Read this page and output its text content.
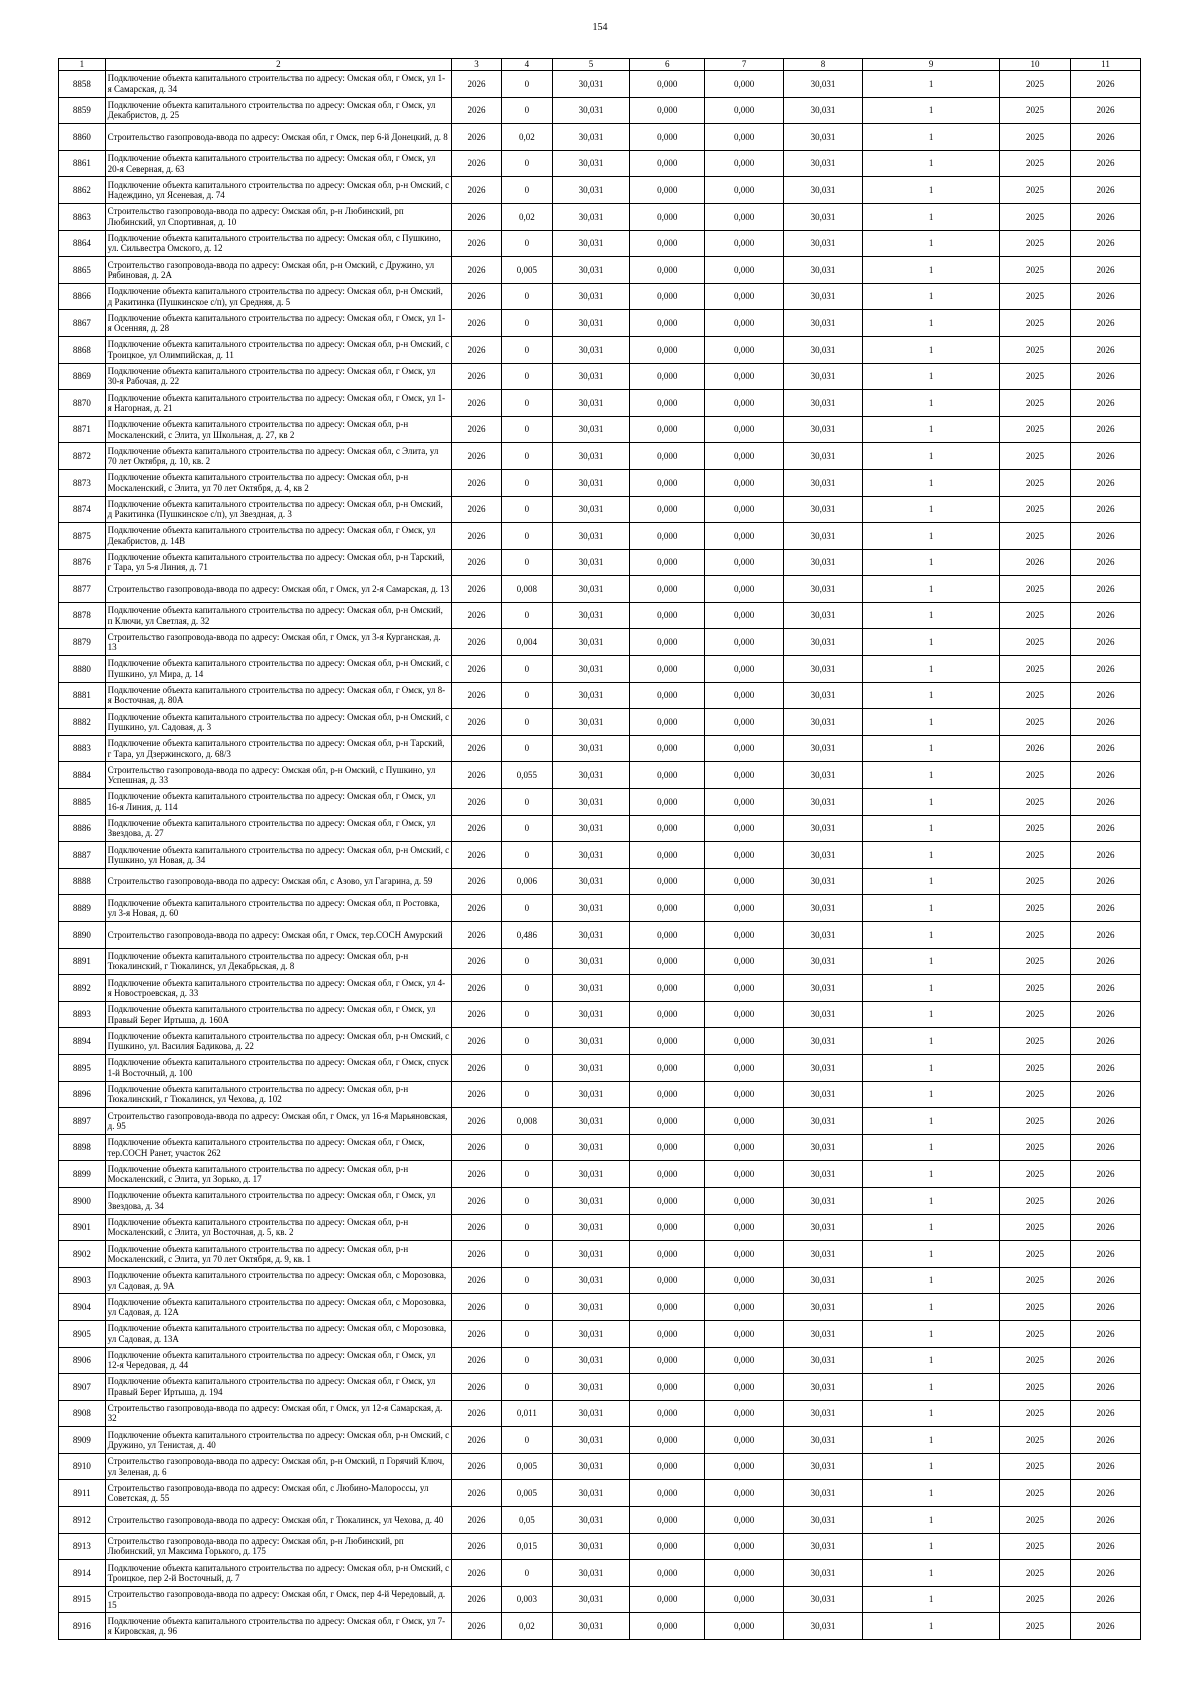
154
1	2	3	4	5	6	7	8	9	10	11
8858	Подключение объекта капитального строительства по адресу: Омская обл, г Омск, ул 1-я Самарская, д. 34	2026	0	30,031	0,000	0,000	30,031	1	2025	2026
8859	Подключение объекта капитального строительства по адресу: Омская обл, г Омск, ул Декабристов, д. 25	2026	0	30,031	0,000	0,000	30,031	1	2025	2026
8860	Строительство газопровода-ввода по адресу: Омская обл, г Омск, пер 6-й Донецкий, д. 8	2026	0,02	30,031	0,000	0,000	30,031	1	2025	2026
8861	Подключение объекта капитального строительства по адресу: Омская обл, г Омск, ул 20-я Северная, д. 63	2026	0	30,031	0,000	0,000	30,031	1	2025	2026
8862	Подключение объекта капитального строительства по адресу: Омская обл, р-н Омский, с Надеждино, ул Ясеневая, д. 74	2026	0	30,031	0,000	0,000	30,031	1	2025	2026
8863	Строительство газопровода-ввода по адресу: Омская обл, р-н Любинский, рп Любинский, ул Спортивная, д. 10	2026	0,02	30,031	0,000	0,000	30,031	1	2025	2026
8864	Подключение объекта капитального строительства по адресу: Омская обл, с Пушкино, ул. Сильвестра Омского, д. 12	2026	0	30,031	0,000	0,000	30,031	1	2025	2026
8865	Строительство газопровода-ввода по адресу: Омская обл, р-н Омский, с Дружино, ул Рябиновая, д. 2А	2026	0,005	30,031	0,000	0,000	30,031	1	2025	2026
8866	Подключение объекта капитального строительства по адресу: Омская обл, р-н Омский, д Ракитинка (Пушкинское с/п), ул Средняя, д. 5	2026	0	30,031	0,000	0,000	30,031	1	2025	2026
8867	Подключение объекта капитального строительства по адресу: Омская обл, г Омск, ул 1-я Осенняя, д. 28	2026	0	30,031	0,000	0,000	30,031	1	2025	2026
8868	Подключение объекта капитального строительства по адресу: Омская обл, р-н Омский, с Троицкое, ул Олимпийская, д. 11	2026	0	30,031	0,000	0,000	30,031	1	2025	2026
8869	Подключение объекта капитального строительства по адресу: Омская обл, г Омск, ул 30-я Рабочая, д. 22	2026	0	30,031	0,000	0,000	30,031	1	2025	2026
8870	Подключение объекта капитального строительства по адресу: Омская обл, г Омск, ул 1-я Нагорная, д. 21	2026	0	30,031	0,000	0,000	30,031	1	2025	2026
8871	Подключение объекта капитального строительства по адресу: Омская обл, р-н Москаленский, с Элита, ул Школьная, д. 27, кв 2	2026	0	30,031	0,000	0,000	30,031	1	2025	2026
8872	Подключение объекта капитального строительства по адресу: Омская обл, с Элита, ул 70 лет Октября, д. 10, кв. 2	2026	0	30,031	0,000	0,000	30,031	1	2025	2026
8873	Подключение объекта капитального строительства по адресу: Омская обл, р-н Москаленский, с Элита, ул 70 лет Октября, д. 4, кв 2	2026	0	30,031	0,000	0,000	30,031	1	2025	2026
8874	Подключение объекта капитального строительства по адресу: Омская обл, р-н Омский, д Ракитинка (Пушкинское с/п), ул Звездная, д. 3	2026	0	30,031	0,000	0,000	30,031	1	2025	2026
8875	Подключение объекта капитального строительства по адресу: Омская обл, г Омск, ул Декабристов, д. 14В	2026	0	30,031	0,000	0,000	30,031	1	2025	2026
8876	Подключение объекта капитального строительства по адресу: Омская обл, р-н Тарский, г Тара, ул 5-я Линия, д. 71	2026	0	30,031	0,000	0,000	30,031	1	2026	2026
8877	Строительство газопровода-ввода по адресу: Омская обл, г Омск, ул 2-я Самарская, д. 13	2026	0,008	30,031	0,000	0,000	30,031	1	2025	2026
8878	Подключение объекта капитального строительства по адресу: Омская обл, р-н Омский, п Ключи, ул Светлая, д. 32	2026	0	30,031	0,000	0,000	30,031	1	2025	2026
8879	Строительство газопровода-ввода по адресу: Омская обл, г Омск, ул 3-я Курганская, д. 13	2026	0,004	30,031	0,000	0,000	30,031	1	2025	2026
8880	Подключение объекта капитального строительства по адресу: Омская обл, р-н Омский, с Пушкино, ул Мира, д. 14	2026	0	30,031	0,000	0,000	30,031	1	2025	2026
8881	Подключение объекта капитального строительства по адресу: Омская обл, г Омск, ул 8-я Восточная, д. 80А	2026	0	30,031	0,000	0,000	30,031	1	2025	2026
8882	Подключение объекта капитального строительства по адресу: Омская обл, р-н Омский, с Пушкино, ул. Садовая, д. 3	2026	0	30,031	0,000	0,000	30,031	1	2025	2026
8883	Подключение объекта капитального строительства по адресу: Омская обл, р-н Тарский, г Тара, ул Дзержинского, д. 68/3	2026	0	30,031	0,000	0,000	30,031	1	2026	2026
8884	Строительство газопровода-ввода по адресу: Омская обл, р-н Омский, с Пушкино, ул Успешная, д. 33	2026	0,055	30,031	0,000	0,000	30,031	1	2025	2026
8885	Подключение объекта капитального строительства по адресу: Омская обл, г Омск, ул 16-я Линия, д. 114	2026	0	30,031	0,000	0,000	30,031	1	2025	2026
8886	Подключение объекта капитального строительства по адресу: Омская обл, г Омск, ул Звездова, д. 27	2026	0	30,031	0,000	0,000	30,031	1	2025	2026
8887	Подключение объекта капитального строительства по адресу: Омская обл, р-н Омский, с Пушкино, ул Новая, д. 34	2026	0	30,031	0,000	0,000	30,031	1	2025	2026
8888	Строительство газопровода-ввода по адресу: Омская обл, с Азово, ул Гагарина, д. 59	2026	0,006	30,031	0,000	0,000	30,031	1	2025	2026
8889	Подключение объекта капитального строительства по адресу: Омская обл, п Ростовка, ул 3-я Новая, д. 60	2026	0	30,031	0,000	0,000	30,031	1	2025	2026
8890	Строительство газопровода-ввода по адресу: Омская обл, г Омск, тер.СОСН Амурский	2026	0,486	30,031	0,000	0,000	30,031	1	2025	2026
8891	Подключение объекта капитального строительства по адресу: Омская обл, р-н Тюкалинский, г Тюкалинск, ул Декабрьская, д. 8	2026	0	30,031	0,000	0,000	30,031	1	2025	2026
8892	Подключение объекта капитального строительства по адресу: Омская обл, г Омск, ул 4-я Новостроевская, д. 33	2026	0	30,031	0,000	0,000	30,031	1	2025	2026
8893	Подключение объекта капитального строительства по адресу: Омская обл, г Омск, ул Правый Берег Иртыша, д. 160А	2026	0	30,031	0,000	0,000	30,031	1	2025	2026
8894	Подключение объекта капитального строительства по адресу: Омская обл, р-н Омский, с Пушкино, ул. Василия Бадикова, д. 22	2026	0	30,031	0,000	0,000	30,031	1	2025	2026
8895	Подключение объекта капитального строительства по адресу: Омская обл, г Омск, спуск 1-й Восточный, д. 100	2026	0	30,031	0,000	0,000	30,031	1	2025	2026
8896	Подключение объекта капитального строительства по адресу: Омская обл, р-н Тюкалинский, г Тюкалинск, ул Чехова, д. 102	2026	0	30,031	0,000	0,000	30,031	1	2025	2026
8897	Строительство газопровода-ввода по адресу: Омская обл, г Омск, ул 16-я Марьяновская, д. 95	2026	0,008	30,031	0,000	0,000	30,031	1	2025	2026
8898	Подключение объекта капитального строительства по адресу: Омская обл, г Омск, тер.СОСН Ранет, участок 262	2026	0	30,031	0,000	0,000	30,031	1	2025	2026
8899	Подключение объекта капитального строительства по адресу: Омская обл, р-н Москаленский, с Элита, ул Зорько, д. 17	2026	0	30,031	0,000	0,000	30,031	1	2025	2026
8900	Подключение объекта капитального строительства по адресу: Омская обл, г Омск, ул Звездова, д. 34	2026	0	30,031	0,000	0,000	30,031	1	2025	2026
8901	Подключение объекта капитального строительства по адресу: Омская обл, р-н Москаленский, с Элита, ул Восточная, д. 5, кв. 2	2026	0	30,031	0,000	0,000	30,031	1	2025	2026
8902	Подключение объекта капитального строительства по адресу: Омская обл, р-н Москаленский, с Элита, ул 70 лет Октября, д. 9, кв. 1	2026	0	30,031	0,000	0,000	30,031	1	2025	2026
8903	Подключение объекта капитального строительства по адресу: Омская обл, с Морозовка, ул Садовая, д. 9А	2026	0	30,031	0,000	0,000	30,031	1	2025	2026
8904	Подключение объекта капитального строительства по адресу: Омская обл, с Морозовка, ул Садовая, д. 12А	2026	0	30,031	0,000	0,000	30,031	1	2025	2026
8905	Подключение объекта капитального строительства по адресу: Омская обл, с Морозовка, ул Садовая, д. 13А	2026	0	30,031	0,000	0,000	30,031	1	2025	2026
8906	Подключение объекта капитального строительства по адресу: Омская обл, г Омск, ул 12-я Чередовая, д. 44	2026	0	30,031	0,000	0,000	30,031	1	2025	2026
8907	Подключение объекта капитального строительства по адресу: Омская обл, г Омск, ул Правый Берег Иртыша, д. 194	2026	0	30,031	0,000	0,000	30,031	1	2025	2026
8908	Строительство газопровода-ввода по адресу: Омская обл, г Омск, ул 12-я Самарская, д. 32	2026	0,011	30,031	0,000	0,000	30,031	1	2025	2026
8909	Подключение объекта капитального строительства по адресу: Омская обл, р-н Омский, с Дружино, ул Тенистая, д. 40	2026	0	30,031	0,000	0,000	30,031	1	2025	2026
8910	Строительство газопровода-ввода по адресу: Омская обл, р-н Омский, п Горячий Ключ, ул Зеленая, д. 6	2026	0,005	30,031	0,000	0,000	30,031	1	2025	2026
8911	Строительство газопровода-ввода по адресу: Омская обл, с Любино-Малороссы, ул Советская, д. 55	2026	0,005	30,031	0,000	0,000	30,031	1	2025	2026
8912	Строительство газопровода-ввода по адресу: Омская обл, г Тюкалинск, ул Чехова, д. 40	2026	0,05	30,031	0,000	0,000	30,031	1	2025	2026
8913	Строительство газопровода-ввода по адресу: Омская обл, р-н Любинский, рп Любинский, ул Максима Горького, д. 175	2026	0,015	30,031	0,000	0,000	30,031	1	2025	2026
8914	Подключение объекта капитального строительства по адресу: Омская обл, р-н Омский, с Троицкое, пер 2-й Восточный, д. 7	2026	0	30,031	0,000	0,000	30,031	1	2025	2026
8915	Строительство газопровода-ввода по адресу: Омская обл, г Омск, пер 4-й Чередовый, д. 15	2026	0,003	30,031	0,000	0,000	30,031	1	2025	2026
8916	Подключение объекта капитального строительства по адресу: Омская обл, г Омск, ул 7-я Кировская, д. 96	2026	0,02	30,031	0,000	0,000	30,031	1	2025	2026
